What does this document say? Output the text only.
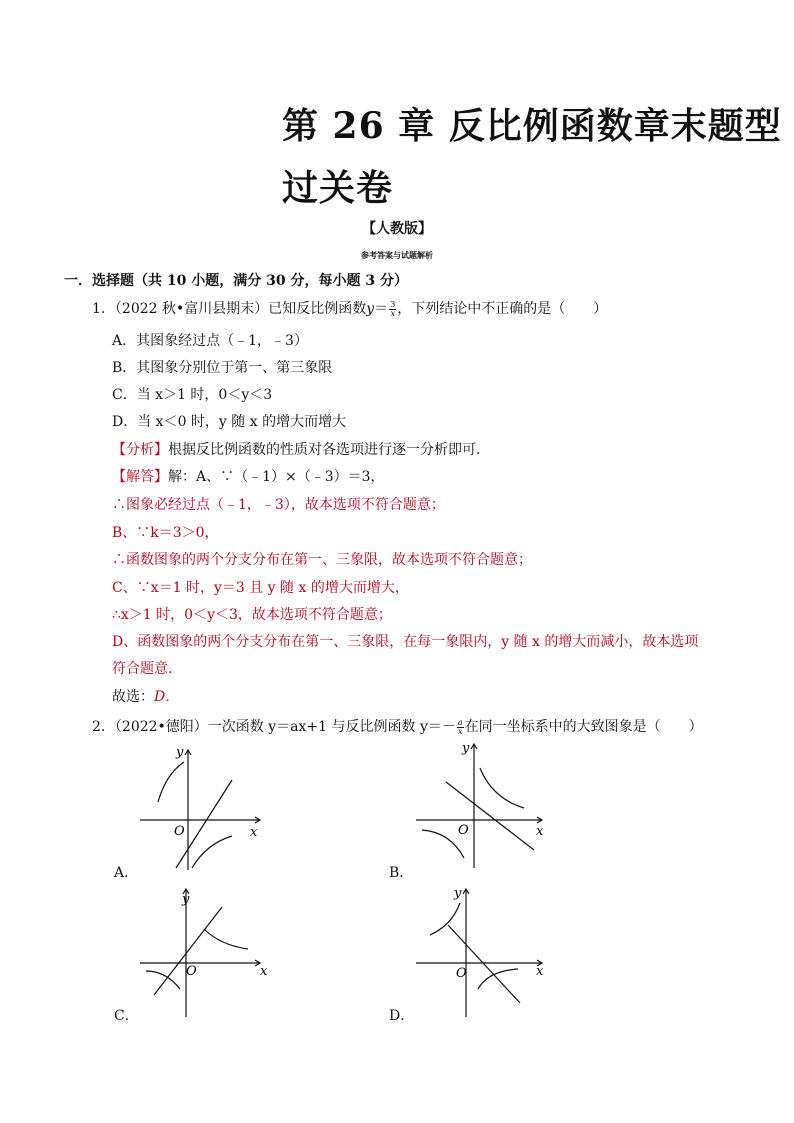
第 26 章 反比例函数章末题型
过关卷
【人教版】
参考答案与试题解析
一．选择题（共 10 小题，满分 30 分，每小题 3 分）
1．（2022 秋•富川县期末）已知反比例函数$y= \frac{3}{x}$ ，下列结论中不正确的是（　　）
A．其图象经过点（﹣1，﹣3）
B．其图象分别位于第一、第三象限
C．当 x＞1 时，0＜y＜3
D．当 x＜0 时，y 随 x 的增大而增大
【分析】根据反比例函数的性质对各选项进行逐一分析即可．
【解答】解：A、∵（﹣1）×（﹣3）＝3，
∴图象必经过点（﹣1，﹣3），故本选项不符合题意；
B、∵k＝3＞0，
∴函数图象的两个分支分布在第一、三象限，故本选项不符合题意；
C、∵x＝1 时，y＝3 且 y 随 x 的增大而增大，
∴x＞1 时，0＜y＜3，故本选项不符合题意；
D、函数图象的两个分支分布在第一、三象限，在每一象限内，y 随 x 的增大而减小，故本选项
符合题意．
故选：D．
2．（2022•德阳）一次函数 y＝ax+1 与反比例函数 $y=- \frac{a}{x}$ 在同一坐标系中的大致图象是（　　）
y
x
O
A．
y
x
O
B．
y
x
O
C．
y
x
O
D．
